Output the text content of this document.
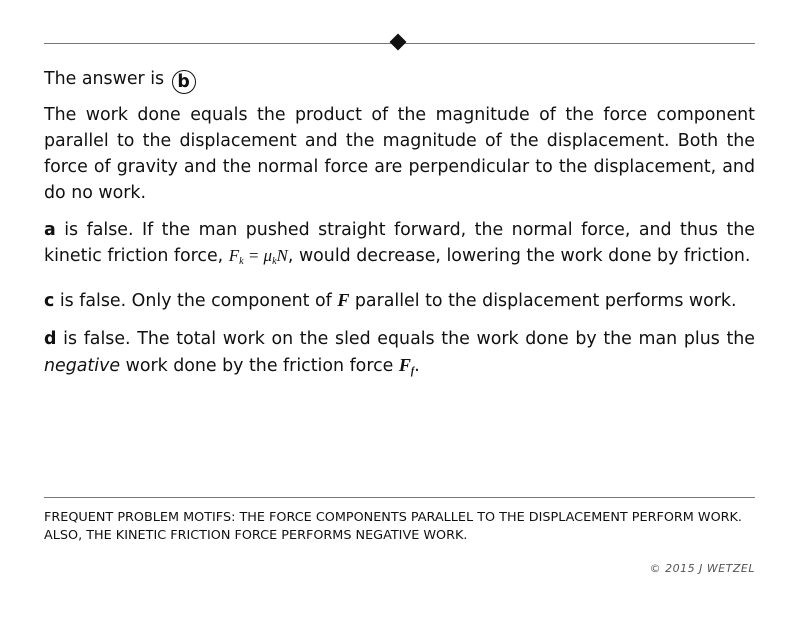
The answer is b

The work done equals the product of the magnitude of the force component parallel to the displacement and the magnitude of the displacement. Both the force of gravity and the normal force are perpendicular to the displacement, and do no work.

a is false. If the man pushed straight forward, the normal force, and thus the kinetic friction force, $F_k = \mu_kN$, would decrease, lowering the work done by friction.

c is false. Only the component of F parallel to the displacement performs work.

d is false. The total work on the sled equals the work done by the man plus the negative work done by the friction force $F_f$.

FREQUENT PROBLEM MOTIFS: THE FORCE COMPONENTS PARALLEL TO THE DISPLACEMENT PERFORM WORK. ALSO, THE KINETIC FRICTION FORCE PERFORMS NEGATIVE WORK.
© 2015 J WETZEL
